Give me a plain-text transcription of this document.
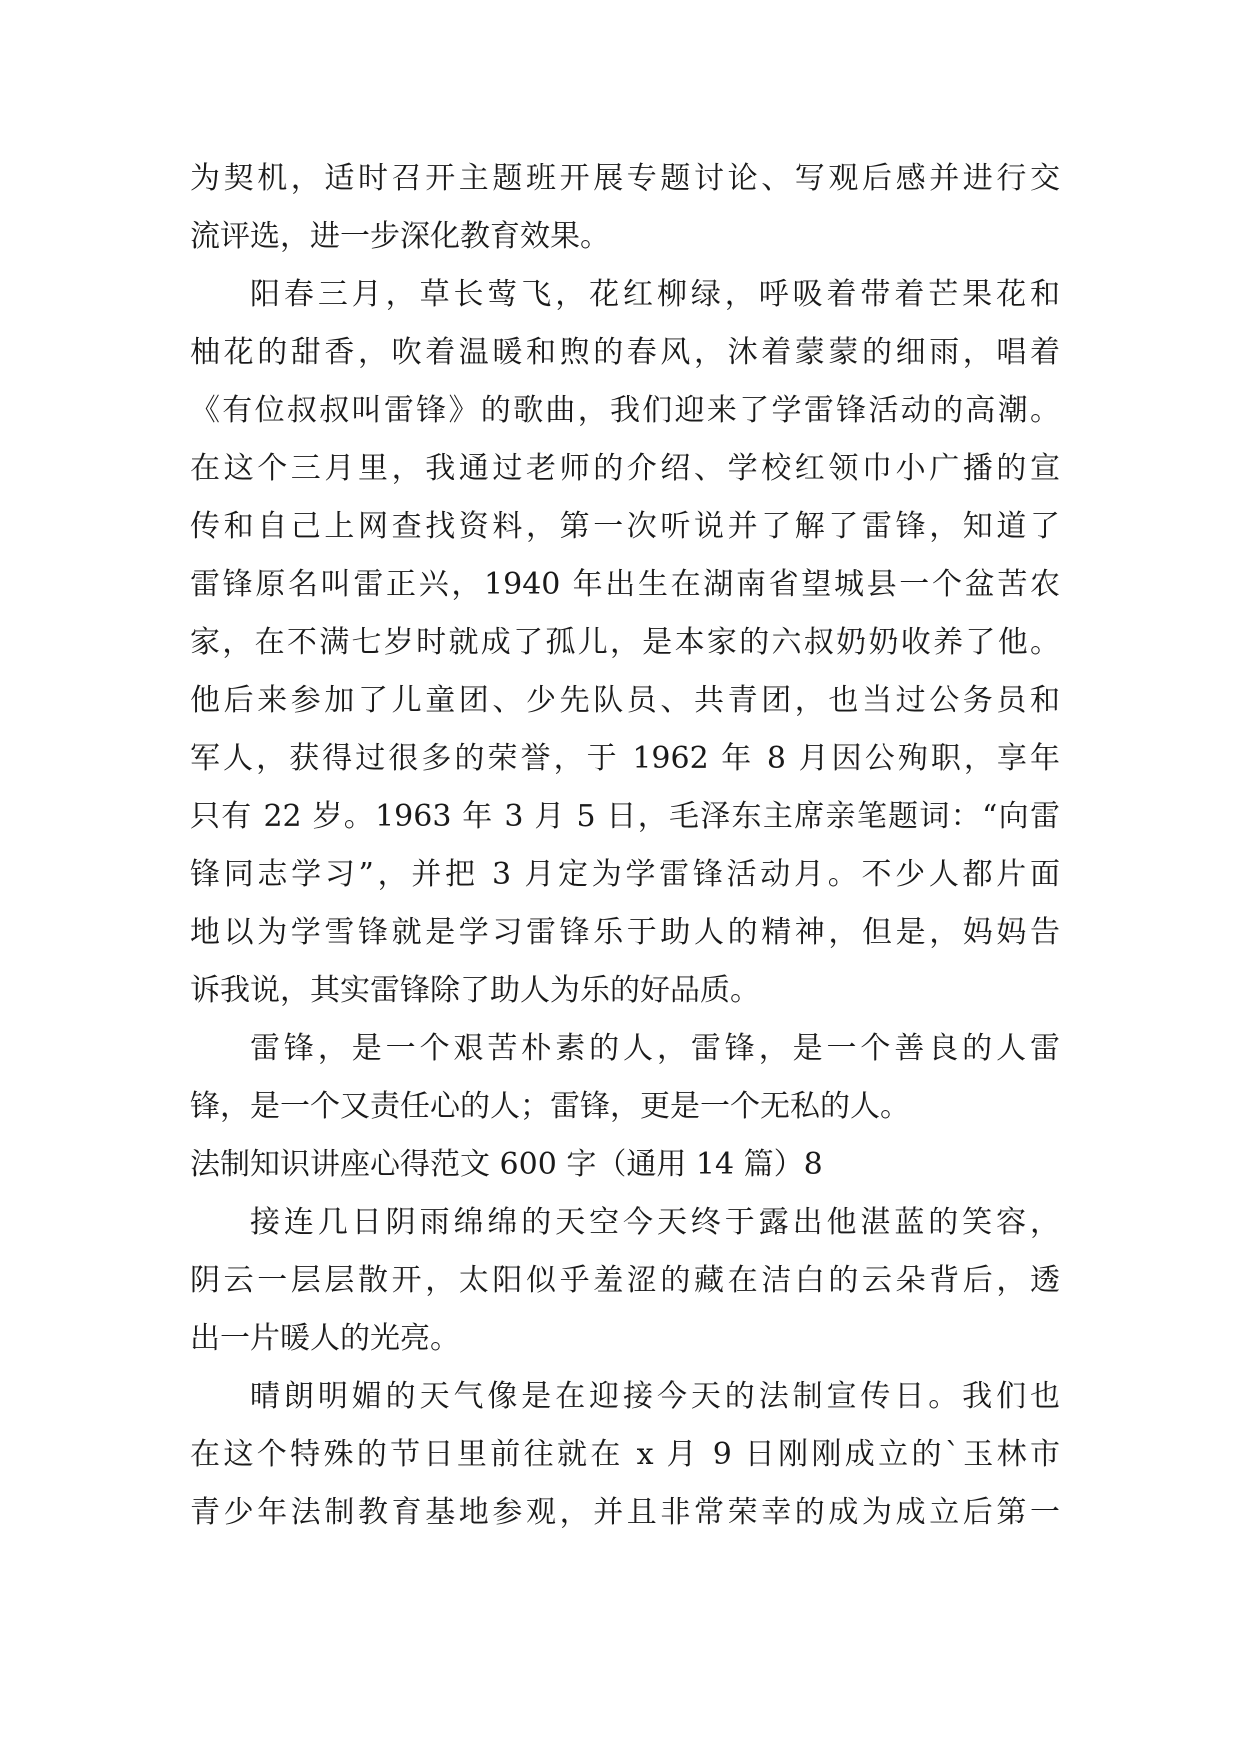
为契机，适时召开主题班开展专题讨论、写观后感并进行交
流评选，进一步深化教育效果。
阳春三月，草长莺飞，花红柳绿，呼吸着带着芒果花和
柚花的甜香，吹着温暖和煦的春风，沐着蒙蒙的细雨，唱着
《有位叔叔叫雷锋》的歌曲，我们迎来了学雷锋活动的高潮。
在这个三月里，我通过老师的介绍、学校红领巾小广播的宣
传和自己上网查找资料，第一次听说并了解了雷锋，知道了
雷锋原名叫雷正兴，1940 年出生在湖南省望城县一个盆苦农
家，在不满七岁时就成了孤儿，是本家的六叔奶奶收养了他。
他后来参加了儿童团、少先队员、共青团，也当过公务员和
军人，获得过很多的荣誉，于 1962 年 8 月因公殉职，享年
只有 22 岁。1963 年 3 月 5 日，毛泽东主席亲笔题词：“向雷
锋同志学习”，并把 3 月定为学雷锋活动月。不少人都片面
地以为学雪锋就是学习雷锋乐于助人的精神，但是，妈妈告
诉我说，其实雷锋除了助人为乐的好品质。
雷锋，是一个艰苦朴素的人，雷锋，是一个善良的人雷
锋，是一个又责任心的人；雷锋，更是一个无私的人。
法制知识讲座心得范文 600 字（通用 14 篇）8
接连几日阴雨绵绵的天空今天终于露出他湛蓝的笑容，
阴云一层层散开，太阳似乎羞涩的藏在洁白的云朵背后，透
出一片暖人的光亮。
晴朗明媚的天气像是在迎接今天的法制宣传日。我们也
在这个特殊的节日里前往就在 x 月 9 日刚刚成立的`玉林市
青少年法制教育基地参观，并且非常荣幸的成为成立后第一
